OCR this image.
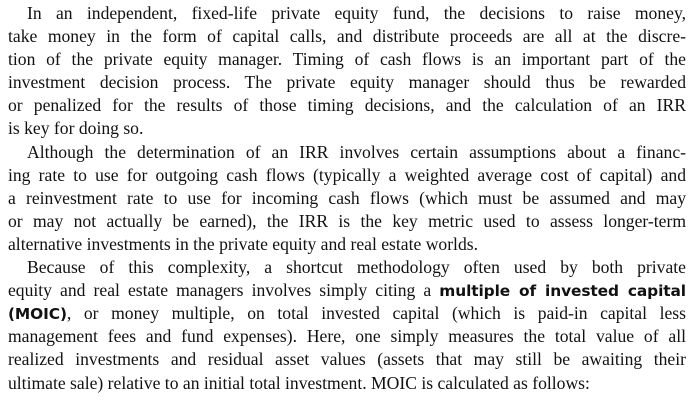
In an independent, fixed-life private equity fund, the decisions to raise money,
take money in the form of capital calls, and distribute proceeds are all at the discre-
tion of the private equity manager. Timing of cash flows is an important part of the
investment decision process. The private equity manager should thus be rewarded
or penalized for the results of those timing decisions, and the calculation of an IRR
is key for doing so.
Although the determination of an IRR involves certain assumptions about a financ-
ing rate to use for outgoing cash flows (typically a weighted average cost of capital) and
a reinvestment rate to use for incoming cash flows (which must be assumed and may
or may not actually be earned), the IRR is the key metric used to assess longer-term
alternative investments in the private equity and real estate worlds.
Because of this complexity, a shortcut methodology often used by both private
equity and real estate managers involves simply citing a multiple of invested capital
(MOIC), or money multiple, on total invested capital (which is paid-in capital less
management fees and fund expenses). Here, one simply measures the total value of all
realized investments and residual asset values (assets that may still be awaiting their
ultimate sale) relative to an initial total investment. MOIC is calculated as follows:
